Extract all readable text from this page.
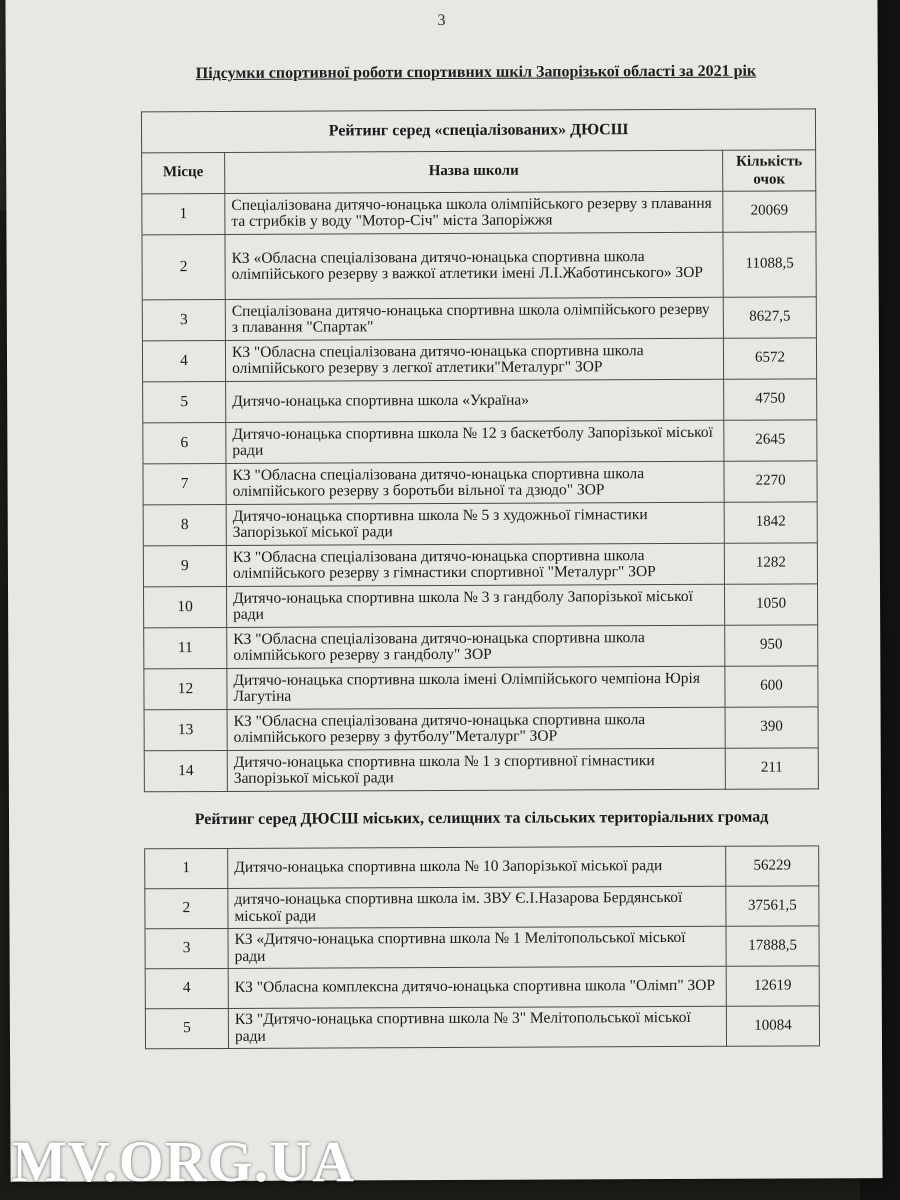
3
Підсумки спортивної роботи спортивних шкіл Запорізької області за 2021 рік
Рейтинг серед «спеціалізованих» ДЮСШ		
Місце	Назва школи	Кількість очок
1	Спеціалізована дитячо-юнацька школа олімпійського резерву з плавання та стрибків у воду "Мотор-Січ" міста Запоріжжя	20069
2	КЗ «Обласна спеціалізована дитячо-юнацька спортивна школа олімпійського резерву з важкої атлетики імені Л.І.Жаботинського» ЗОР	11088,5
3	Спеціалізована дитячо-юнацька спортивна школа олімпійського резерву з плавання "Спартак"	8627,5
4	КЗ "Обласна спеціалізована дитячо-юнацька спортивна школа олімпійського резерву з легкої атлетики"Металург" ЗОР	6572
5	Дитячо-юнацька спортивна школа «Україна»	4750
6	Дитячо-юнацька спортивна школа № 12 з баскетболу Запорізької міської ради	2645
7	КЗ "Обласна спеціалізована дитячо-юнацька спортивна школа олімпійського резерву з боротьби вільної та дзюдо" ЗОР	2270
8	Дитячо-юнацька спортивна школа № 5 з художньої гімнастики Запорізької міської ради	1842
9	КЗ "Обласна спеціалізована дитячо-юнацька спортивна школа олімпійського резерву з гімнастики спортивної "Металург" ЗОР	1282
10	Дитячо-юнацька спортивна школа № 3 з гандболу Запорізької міської ради	1050
11	КЗ "Обласна спеціалізована дитячо-юнацька спортивна школа олімпійського резерву з гандболу" ЗОР	950
12	Дитячо-юнацька спортивна школа імені Олімпійського чемпіона Юрія Лагутіна	600
13	КЗ "Обласна спеціалізована дитячо-юнацька спортивна школа олімпійського резерву з футболу"Металург" ЗОР	390
14	Дитячо-юнацька спортивна школа № 1 з спортивної гімнастики Запорізької міської ради	211
Рейтинг серед ДЮСШ міських, селищних та сільських територіальних громад		
1	Дитячо-юнацька спортивна школа № 10 Запорізької міської ради	56229
2	дитячо-юнацька спортивна школа ім. ЗВУ Є.І.Назарова Бердянської міської ради	37561,5
3	КЗ «Дитячо-юнацька спортивна школа № 1 Мелітопольської міської ради	17888,5
4	КЗ "Обласна комплексна дитячо-юнацька спортивна школа "Олімп" ЗОР	12619
5	КЗ "Дитячо-юнацька спортивна школа № 3" Мелітопольської міської ради	10084
MV.ORG.UA
